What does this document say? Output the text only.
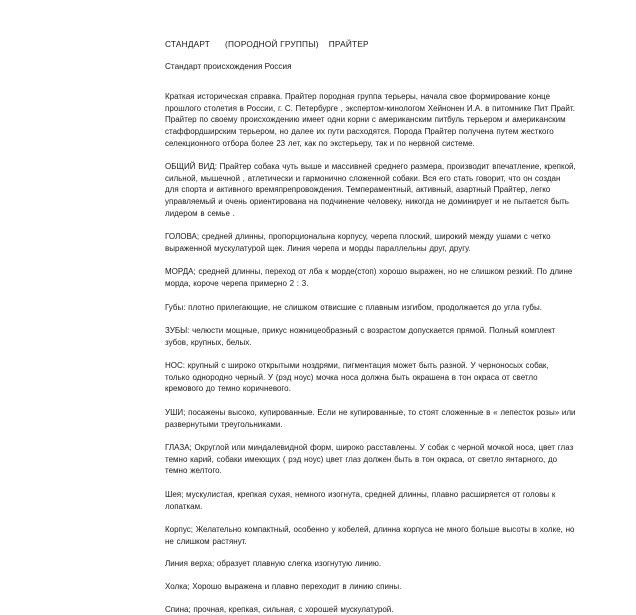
СТАНДАРТ      (ПОРОДНОЙ ГРУППЫ)    ПРАЙТЕР

Стандарт происхождения Россия

Краткая историческая справка. Прайтер породная группа терьеры, начала свое формирование конце прошлого столетия в России, г. С. Петербурге , экспертом-кинологом Хейнонен И.А. в питомнике Пит Прайт. Прайтер по своему происхождению имеет одни корни с американским питбуль терьером и американским стаффордширским терьером, но далее их пути расходятся. Порода Прайтер получена путем жесткого селекционного отбора более 23 лет, как по экстерьеру, так и по нервной системе.

ОБЩИЙ ВИД: Прайтер собака чуть выше и массивней среднего размера, производит впечатление, крепкой, сильной, мышечной , атлетически и гармонично сложенной собаки. Вся его стать говорит, что он создан для спорта и активного времяпрепровождения. Темпераментный, активный, азартный Прайтер, легко управляемый и очень ориентирована на подчинение человеку, никогда не доминирует и не пытается быть лидером в семье .

ГОЛОВА; средней длинны, пропорциональна корпусу, черепа плоский, широкий между ушами с четко выраженной мускулатурой щек. Линия черепа и морды параллельны друг, другу.

МОРДА; средней длинны, переход от лба к морде(стоп) хорошо выражен, но не слишком резкий. По длине морда, короче черепа примерно 2 : 3.

Губы: плотно прилегающие, не слишком отвисшие с плавным изгибом, продолжается до угла губы.

ЗУБЫ: челюсти мощные, прикус ножницеобразный с возрастом допускается прямой. Полный комплект зубов, крупных, белых.

НОС: крупный с широко открытыми ноздрями, пигментация может быть разной. У черноносых собак, только однородно черный. У (рэд ноус) мочка носа должна быть окрашена в тон окраса от светло кремового до темно коричневого.

УШИ; посажены высоко, купированные. Если не купированные, то стоят сложенные в « лепесток розы» или развернутыми треугольниками.

ГЛАЗА; Округлой или миндалевидной форм, широко расставлены. У собак с черной мочкой носа, цвет глаз темно карий, собаки имеющих ( рэд ноус) цвет глаз должен быть в тон окраса, от светло янтарного, до темно желтого.

Шея; мускулистая, крепкая сухая, немного изогнута, средней длинны, плавно расширяется от головы к лопаткам.

Корпус; Желательно компактный, особенно у кобелей, длинна корпуса не много больше высоты в холке, но не слишком растянут.

Линия верха; образует плавную слегка изогнутую линию.

Холка; Хорошо выражена и плавно переходит в линию спины.

Спина; прочная, крепкая, сильная, с хорошей мускулатурой.
